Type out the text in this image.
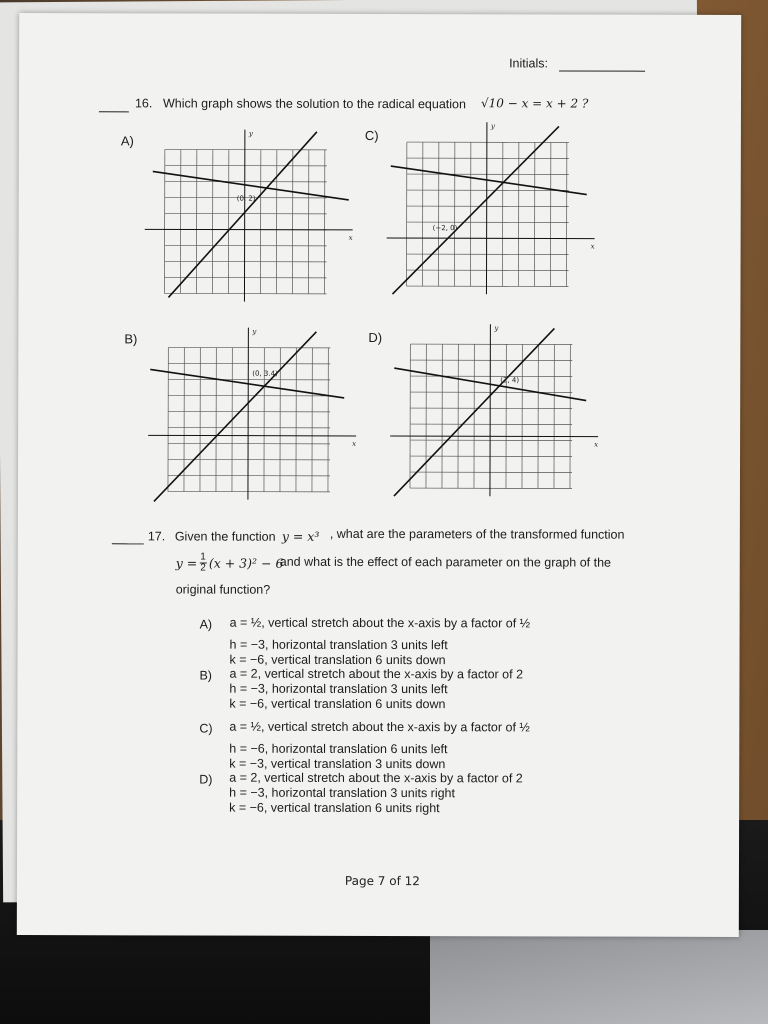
Initials:
16. Which graph shows the solution to the radical equation √10 − x = x + 2 ?
A)	C)
B)	D)
(0, 2)
x
y
(−2, 0)
x
y
(0, 3.4)
x
y
(2, 4)
x
y
17. Given the function y = x³ , what are the parameters of the transformed function
$y = \frac{1}{2} (x + 3)^2 - 6$
and what is the effect of each parameter on the graph of the
original function?
A) a = ½, vertical stretch about the x-axis by a factor of ½
h = −3, horizontal translation 3 units left
k = −6, vertical translation 6 units down
B) a = 2, vertical stretch about the x-axis by a factor of 2
h = −3, horizontal translation 3 units left
k = −6, vertical translation 6 units down
C) a = ½, vertical stretch about the x-axis by a factor of ½
h = −6, horizontal translation 6 units left
k = −3, vertical translation 3 units down
D) a = 2, vertical stretch about the x-axis by a factor of 2
h = −3, horizontal translation 3 units right
k = −6, vertical translation 6 units right
Page 7 of 12
